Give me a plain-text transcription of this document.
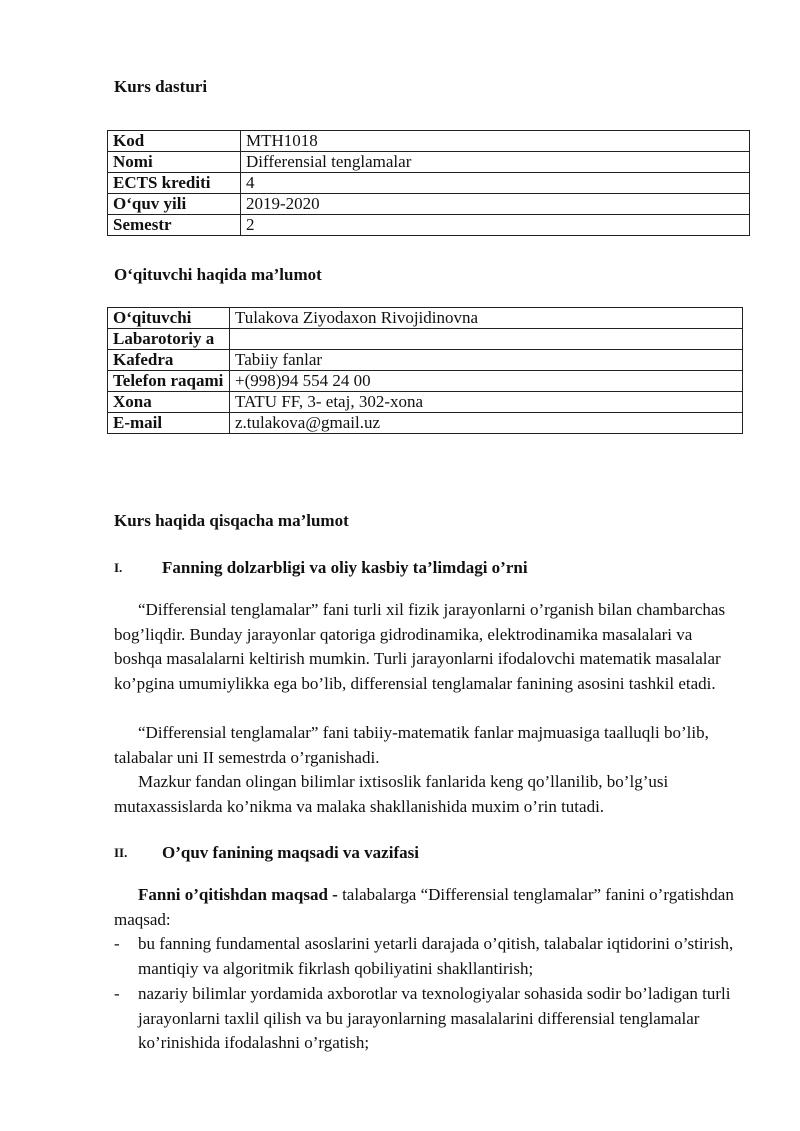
Kurs dasturi
Kod	MTH1018
Nomi	Differensial tenglamalar
ECTS krediti	4
O‘quv yili	2019-2020
Semestr	2
O‘qituvchi haqida ma’lumot
O‘qituvchi	Tulakova Ziyodaxon Rivojidinovna
Labarotoriy a	
Kafedra	Tabiiy fanlar
Telefon raqami	+(998)94 554 24 00
Xona	TATU FF, 3- etaj, 302-xona
E-mail	z.tulakova@gmail.uz
Kurs haqida qisqacha ma’lumot
I. Fanning dolzarbligi va oliy kasbiy ta’limdagi o’rni

“Differensial tenglamalar” fani turli xil fizik jarayonlarni o’rganish bilan chambarchas bog’liqdir. Bunday jarayonlar qatoriga gidrodinamika, elektrodinamika masalalari va boshqa masalalarni keltirish mumkin. Turli jarayonlarni ifodalovchi matematik masalalar ko’pgina umumiylikka ega bo’lib, differensial tenglamalar fanining asosini tashkil etadi.

“Differensial tenglamalar” fani tabiiy-matematik fanlar majmuasiga taalluqli bo’lib, talabalar uni II semestrda o’rganishadi.

Mazkur fandan olingan bilimlar ixtisoslik fanlarida keng qo’llanilib, bo’lg’usi mutaxassislarda ko’nikma va malaka shakllanishida muxim o’rin tutadi.

II. O’quv fanining maqsadi va vazifasi

Fanni o’qitishdan maqsad - talabalarga “Differensial tenglamalar” fanini o’rgatishdan maqsad:

- bu fanning fundamental asoslarini yetarli darajada o’qitish, talabalar iqtidorini o’stirish, mantiqiy va algoritmik fikrlash qobiliyatini shakllantirish;
- nazariy bilimlar yordamida axborotlar va texnologiyalar sohasida sodir bo’ladigan turli jarayonlarni taxlil qilish va bu jarayonlarning masalalarini differensial tenglamalar ko’rinishida ifodalashni o’rgatish;
